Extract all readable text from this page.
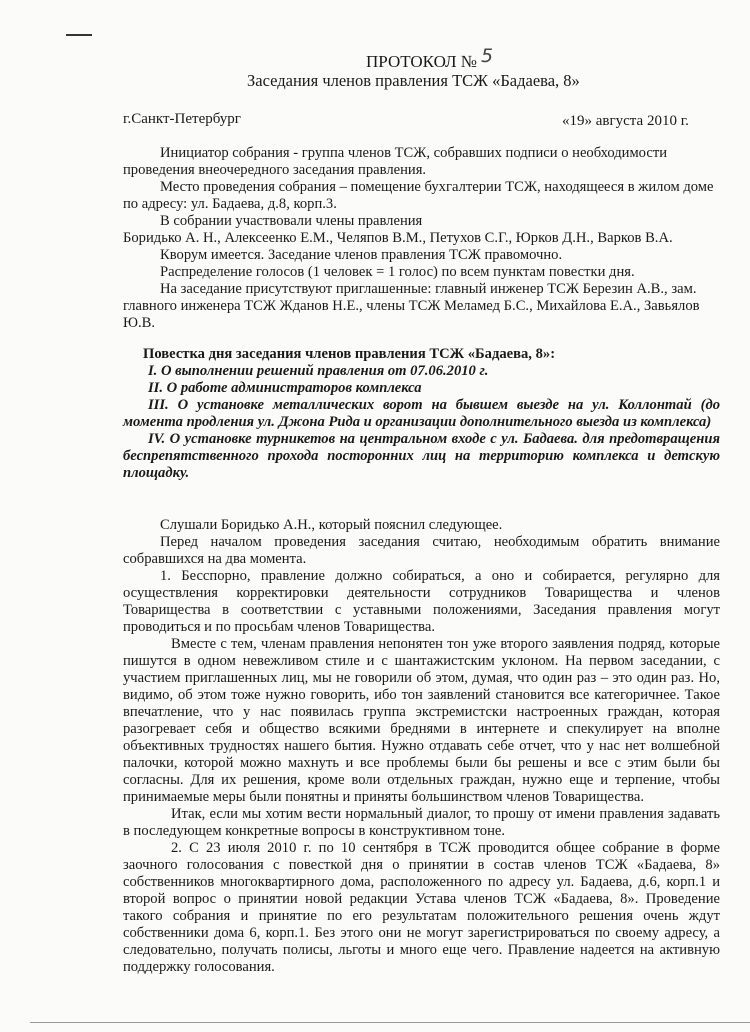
ПРОТОКОЛ № 5
Заседания членов правления ТСЖ «Бадаева, 8»
г.Санкт-Петербург	«19» августа 2010 г.

Инициатор собрания - группа членов ТСЖ, собравших подписи о необходимости проведения внеочередного заседания правления.

Место проведения собрания – помещение бухгалтерии ТСЖ, находящееся в жилом доме по адресу: ул. Бадаева, д.8, корп.3.

В собрании участвовали члены правления

Боридько А. Н., Алексеенко Е.М., Челяпов В.М., Петухов С.Г., Юрков Д.Н., Варков В.А.

Кворум имеется. Заседание членов правления ТСЖ правомочно.

Распределение голосов (1 человек = 1 голос) по всем пунктам повестки дня.

На заседание присутствуют приглашенные: главный инженер ТСЖ Березин А.В., зам. главного инженера ТСЖ Жданов Н.Е., члены ТСЖ Меламед Б.С., Михайлова Е.А., Завьялов Ю.В.

Повестка дня заседания членов правления ТСЖ «Бадаева, 8»:

I. О выполнении решений правления от 07.06.2010 г.

II. О работе администраторов комплекса

III. О установке металлических ворот на бывшем выезде на ул. Коллонтай (до момента продления ул. Джона Рида и организации дополнительного выезда из комплекса)

IV. О установке турникетов на центральном входе с ул. Бадаева. для предотвращения беспрепятственного прохода посторонних лиц на территорию комплекса и детскую площадку.

Слушали Боридько А.Н., который пояснил следующее.

Перед началом проведения заседания считаю, необходимым обратить внимание собравшихся на два момента.

1. Бесспорно, правление должно собираться, а оно и собирается, регулярно для осуществления корректировки деятельности сотрудников Товарищества и членов Товарищества в соответствии с уставными положениями, Заседания правления могут проводиться и по просьбам членов Товарищества.

Вместе с тем, членам правления непонятен тон уже второго заявления подряд, которые пишутся в одном невежливом стиле и с шантажистским уклоном. На первом заседании, с участием приглашенных лиц, мы не говорили об этом, думая, что один раз – это один раз. Но, видимо, об этом тоже нужно говорить, ибо тон заявлений становится все категоричнее. Такое впечатление, что у нас появилась группа экстремистски настроенных граждан, которая разогревает себя и общество всякими бреднями в интернете и спекулирует на вполне объективных трудностях нашего бытия. Нужно отдавать себе отчет, что у нас нет волшебной палочки, которой можно махнуть и все проблемы были бы решены и все с этим были бы согласны. Для их решения, кроме воли отдельных граждан, нужно еще и терпение, чтобы принимаемые меры были понятны и приняты большинством членов Товарищества.

Итак, если мы хотим вести нормальный диалог, то прошу от имени правления задавать в последующем конкретные вопросы в конструктивном тоне.

2. С 23 июля 2010 г. по 10 сентября в ТСЖ проводится общее собрание в форме заочного голосования с повесткой дня о принятии в состав членов ТСЖ «Бадаева, 8» собственников многоквартирного дома, расположенного по адресу ул. Бадаева, д.6, корп.1 и второй вопрос о принятии новой редакции Устава членов ТСЖ «Бадаева, 8». Проведение такого собрания и принятие по его результатам положительного решения очень ждут собственники дома 6, корп.1. Без этого они не могут зарегистрироваться по своему адресу, а следовательно, получать полисы, льготы и много еще чего. Правление надеется на активную поддержку голосования.
